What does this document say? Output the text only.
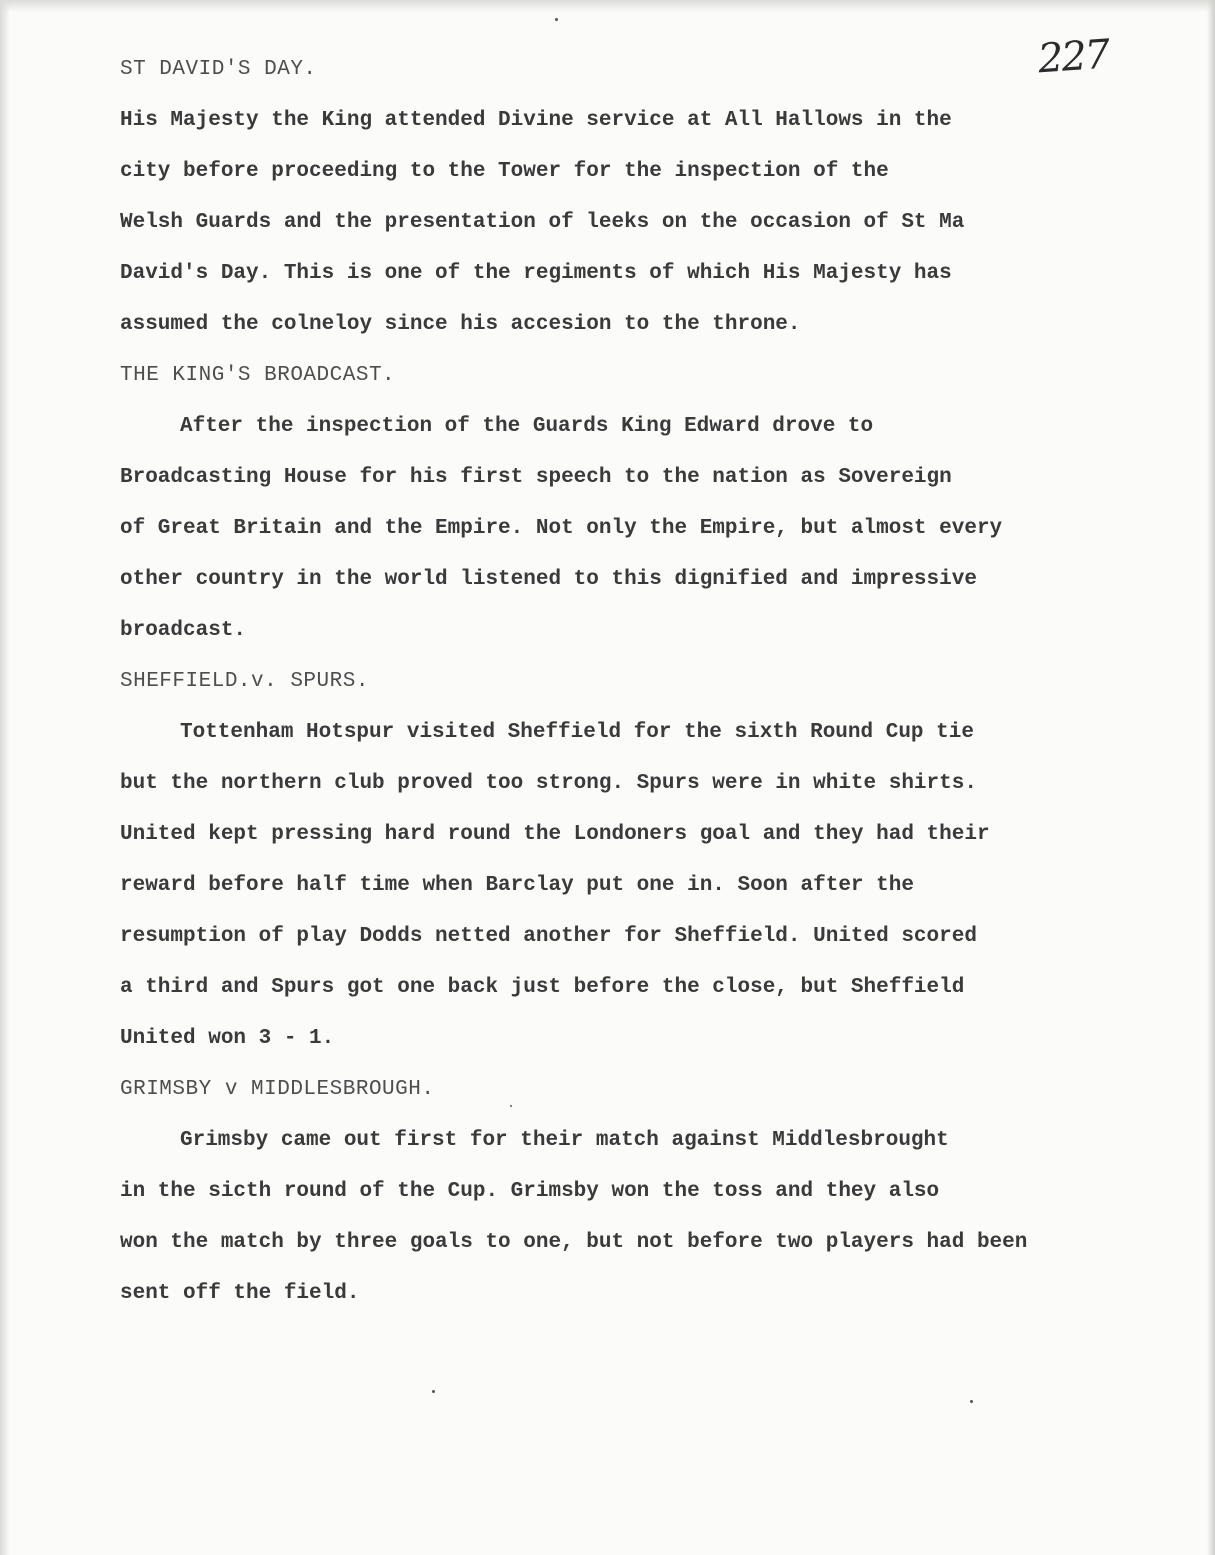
227
ST DAVID'S DAY.
His Majesty the King attended Divine service at All Hallows in the
city before proceeding to the Tower for the inspection of the
Welsh Guards and the presentation of leeks on the occasion of St Ma
David's Day. This is one of the regiments of which His Majesty has
assumed the colneloy since his accesion to the throne.
THE KING'S BROADCAST.
After the inspection of the Guards King Edward drove to
Broadcasting House for his first speech to the nation as Sovereign
of Great Britain and the Empire. Not only the Empire, but almost every
other country in the world listened to this dignified and impressive
broadcast.
SHEFFIELD.v. SPURS.
Tottenham Hotspur visited Sheffield for the sixth Round Cup tie
but the northern club proved too strong. Spurs were in white shirts.
United kept pressing hard round the Londoners goal and they had their
reward before half time when Barclay put one in. Soon after the
resumption of play Dodds netted another for Sheffield. United scored
a third and Spurs got one back just before the close, but Sheffield
United won 3 - 1.
GRIMSBY v MIDDLESBROUGH.
Grimsby came out first for their match against Middlesbrought
in the sicth round of the Cup. Grimsby won the toss and they also
won the match by three goals to one, but not before two players had been
sent off the field.
